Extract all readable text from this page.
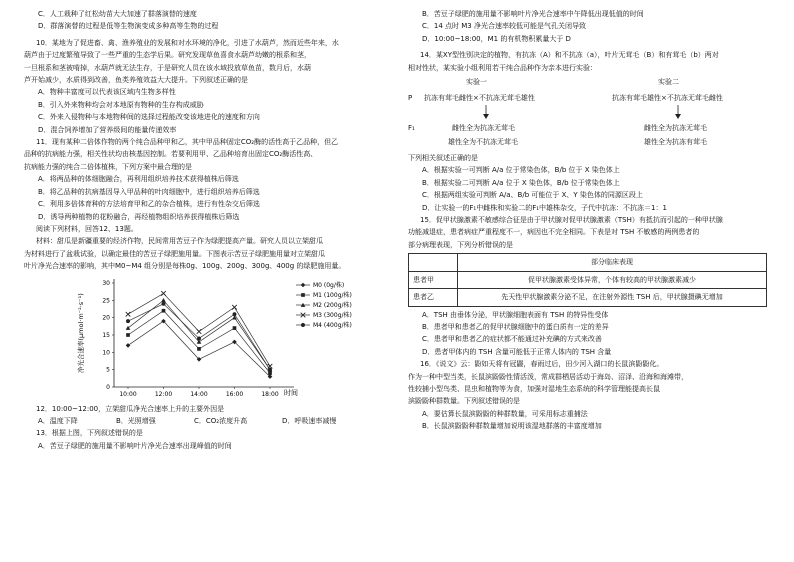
C．人工栽种了红松幼苗大大加速了群落演替的速度

D．群落演替的过程是低等生物演变成多种高等生物的过程

10．某地为了促进畜、禽、渔养殖业的发展和对水环境的净化，引进了水葫芦，然而近些年来，水

葫芦由于过度繁殖导致了一些严重的生态学后果。研究发现草鱼喜食水葫芦幼嫩的根系和茎，

一旦根系和茎被啃掉，水葫芦就无法生存，于是研究人员在该水域投放草鱼苗，数月后，水葫

芦开始减少，水质得到改善，鱼类养殖效益大大提升。下列叙述正确的是

A．物种丰富度可以代表该区域内生物多样性

B．引入外来物种均会对本地原有物种的生存构成威胁

C．外来入侵物种与本地物种间的选择过程能改变该地进化的速度和方向

D．混合饲养增加了营养级间的能量传递效率

11．现有某种二倍体作物的两个纯合品种甲和乙，其中甲品种固定CO₂酶的活性高于乙品种，但乙

品种的抗病能力强，相关性状均由核基因控制。若要利用甲、乙品种培育出固定CO₂酶活性高、

抗病能力强的纯合二倍体植株，下列方案中最合理的是

A．将两品种的体细胞融合，再利用组织培养技术获得植株后筛选

B．将乙品种的抗病基因导入甲品种的叶肉细胞中，进行组织培养后筛选

C．利用多倍体育种的方法培育甲和乙的杂合植株，进行有性杂交后筛选

D．诱导两种植物的花粉融合，再经植物组织培养获得植株后筛选

阅读下列材料，回答12、13题。

材料：甜瓜是新疆重要的经济作物，民间常用苦豆子作为绿肥提高产量。研究人员以立架甜瓜

为材料进行了盆栽试验，以确定最佳的苦豆子绿肥施用量。下图表示苦豆子绿肥施用量对立架甜瓜

叶片净光合速率的影响，其中M0~M4 组分别是每株0g、100g、200g、300g、400g 的绿肥施用量。

0
5
10
15
20
25
30
10:00	12:00	14:00	16:00	18:00
M0 (0g/株)
M1 (100g/株)
M2 (200g/株)
M3 (300g/株)
M4 (400g/株)
净光合速率(μmol·m⁻²·s⁻¹)
时间

12．10:00~12:00，立架甜瓜净光合速率上升的主要外因是

A．温度下降	B．光照增强	C．CO₂浓度升高	D．呼吸速率减慢

13．根据上图，下列叙述错误的是

A．苦豆子绿肥的施用量不影响叶片净光合速率出现峰值的时间

B．苦豆子绿肥的施用量不影响叶片净光合速率中午降低出现低值的时间

C．14 点时 M3 净光合速率较低可能是气孔关闭导致

D．10:00~18:00，M1 的有机物积累量大于 D

14．某XY型性别决定的植物，有抗冻（A）和不抗冻（a），叶片无茸毛（B）和有茸毛（b）两对

相对性状，某实验小组利用若干纯合品种作为亲本进行实验：

实验一	实验二
P 抗冻有茸毛雌性×不抗冻无茸毛雄性	抗冻有茸毛雄性×不抗冻无茸毛雌性
F₁	雌性全为抗冻无茸毛	雌性全为抗冻无茸毛
雄性全为不抗冻无茸毛	雄性全为抗冻有茸毛

下列相关叙述正确的是

A．根据实验一可判断 A/a 位于常染色体，B/b 位于 X 染色体上

B．根据实验二可判断 A/a 位于 X 染色体，B/b 位于常染色体上

C．根据两组实验可判断 A/a、B/b 可能位于 X、Y 染色体的同源区段上

D．让实验一的F₁中雌株和实验二的F₁中雄株杂交，子代中抗冻：不抗冻＝1：1

15．促甲状腺激素不敏感综合征是由于甲状腺对促甲状腺激素（TSH）有抵抗而引起的一种甲状腺

功能减退症，患者病症严重程度不一，病因也不完全相同。下表是对 TSH 不敏感的两例患者的

部分病理表现，下列分析错误的是

	部分临床表现
患者甲	促甲状腺激素受体异常，个体有较高的甲状腺激素减少
患者乙	先天性甲状腺激素分泌不足，在注射外源性 TSH 后，甲状腺摄碘无增加

A．TSH 由垂体分泌，甲状腺细胞表面有 TSH 的特异性受体

B．患者甲和患者乙的促甲状腺细胞中的蛋白质有一定的差异

C．患者甲和患者乙的症状都不能通过补充碘的方式来改善

D．患者甲体内的 TSH 含量可能低于正常人体内的 TSH 含量

16．《说文》云：鼢如天将有冠鼹，春雨过后，田少河入湖口的长鼠滨鼢鼢化。

作为一种中型当类，长鼠滨鼢鼢性情活泼，常成群栖居活动于海岛、沼泽、沿海和海滩带，

性较捕小型鸟类、昆虫和植物等为食，加强对湿地生态系统的科学管理能提高长鼠

滨鼢鼢种群数量。下列叙述错误的是

A．要估算长鼠滨鼢鼢的种群数量，可采用标志重捕法

B．长鼠滨鼢鼢种群数量增加说明该湿地群落的丰富度增加
